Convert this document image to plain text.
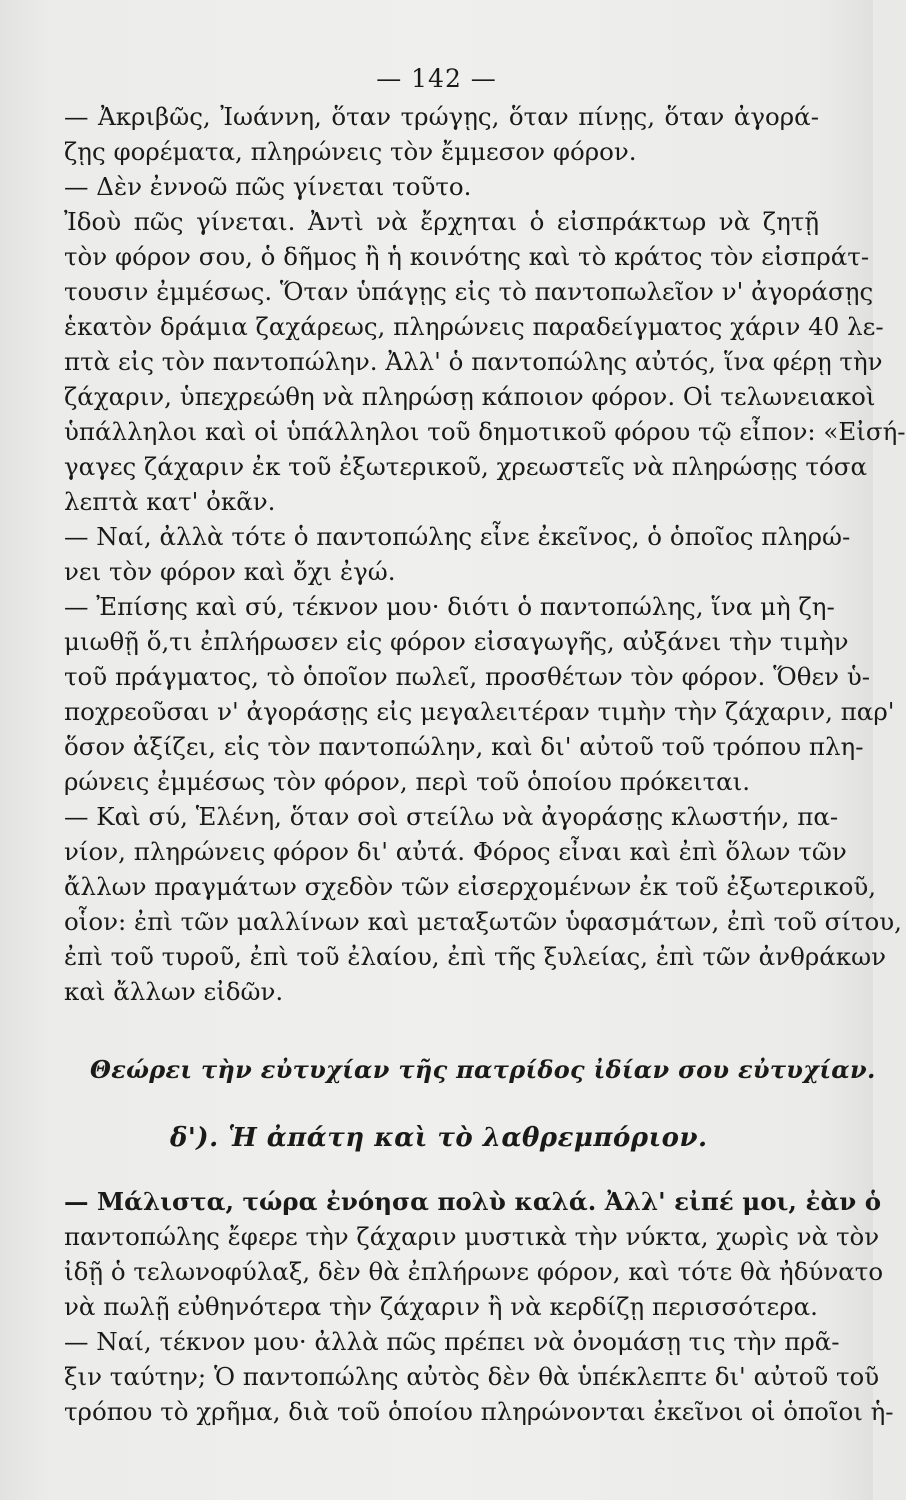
— 142 —
— Ἀκριβῶς, Ἰωάννη, ὅταν τρώγῃς, ὅταν πίνῃς, ὅταν ἀγορά-
ζῃς φορέματα, πληρώνεις τὸν ἔμμεσον φόρον.
— Δὲν ἐννοῶ πῶς γίνεται τοῦτο.
Ἰδοὺ πῶς γίνεται. Ἀντὶ νὰ ἔρχηται ὁ εἰσπράκτωρ νὰ ζητῇ
τὸν φόρον σου, ὁ δῆμος ἢ ἡ κοινότης καὶ τὸ κράτος τὸν εἰσπράτ-
τουσιν ἐμμέσως. Ὅταν ὑπάγῃς εἰς τὸ παντοπωλεῖον ν' ἀγοράσῃς
ἑκατὸν δράμια ζαχάρεως, πληρώνεις παραδείγματος χάριν 40 λε-
πτὰ εἰς τὸν παντοπώλην. Ἀλλ' ὁ παντοπώλης αὐτός, ἵνα φέρῃ τὴν
ζάχαριν, ὑπεχρεώθη νὰ πληρώσῃ κάποιον φόρον. Οἱ τελωνειακοὶ
ὑπάλληλοι καὶ οἱ ὑπάλληλοι τοῦ δημοτικοῦ φόρου τῷ εἶπον: «Εἰσή-
γαγες ζάχαριν ἐκ τοῦ ἐξωτερικοῦ, χρεωστεῖς νὰ πληρώσῃς τόσα
λεπτὰ κατ' ὀκᾶν.
— Ναί, ἀλλὰ τότε ὁ παντοπώλης εἶνε ἐκεῖνος, ὁ ὁποῖος πληρώ-
νει τὸν φόρον καὶ ὄχι ἐγώ.
— Ἐπίσης καὶ σύ, τέκνον μου· διότι ὁ παντοπώλης, ἵνα μὴ ζη-
μιωθῇ ὅ,τι ἐπλήρωσεν εἰς φόρον εἰσαγωγῆς, αὐξάνει τὴν τιμὴν
τοῦ πράγματος, τὸ ὁποῖον πωλεῖ, προσθέτων τὸν φόρον. Ὅθεν ὑ-
ποχρεοῦσαι ν' ἀγοράσῃς εἰς μεγαλειτέραν τιμὴν τὴν ζάχαριν, παρ'
ὅσον ἀξίζει, εἰς τὸν παντοπώλην, καὶ δι' αὐτοῦ τοῦ τρόπου πλη-
ρώνεις ἐμμέσως τὸν φόρον, περὶ τοῦ ὁποίου πρόκειται.
— Καὶ σύ, Ἑλένη, ὅταν σοὶ στείλω νὰ ἀγοράσῃς κλωστήν, πα-
νίον, πληρώνεις φόρον δι' αὐτά. Φόρος εἶναι καὶ ἐπὶ ὅλων τῶν
ἄλλων πραγμάτων σχεδὸν τῶν εἰσερχομένων ἐκ τοῦ ἐξωτερικοῦ,
οἷον: ἐπὶ τῶν μαλλίνων καὶ μεταξωτῶν ὑφασμάτων, ἐπὶ τοῦ σίτου,
ἐπὶ τοῦ τυροῦ, ἐπὶ τοῦ ἐλαίου, ἐπὶ τῆς ξυλείας, ἐπὶ τῶν ἀνθράκων
καὶ ἄλλων εἰδῶν.
Θεώρει τὴν εὐτυχίαν τῆς πατρίδος ἰδίαν σου εὐτυχίαν.
δ'). Ἡ ἀπάτη καὶ τὸ λαθρεμπόριον.
— Μάλιστα, τώρα ἐνόησα πολὺ καλά. Ἀλλ' εἰπέ μοι, ἐὰν ὁ
παντοπώλης ἔφερε τὴν ζάχαριν μυστικὰ τὴν νύκτα, χωρὶς νὰ τὸν
ἰδῇ ὁ τελωνοφύλαξ, δὲν θὰ ἐπλήρωνε φόρον, καὶ τότε θὰ ἠδύνατο
νὰ πωλῇ εὐθηνότερα τὴν ζάχαριν ἢ νὰ κερδίζῃ περισσότερα.
— Ναί, τέκνον μου· ἀλλὰ πῶς πρέπει νὰ ὀνομάσῃ τις τὴν πρᾶ-
ξιν ταύτην; Ὁ παντοπώλης αὐτὸς δὲν θὰ ὑπέκλεπτε δι' αὐτοῦ τοῦ
τρόπου τὸ χρῆμα, διὰ τοῦ ὁποίου πληρώνονται ἐκεῖνοι οἱ ὁποῖοι ἡ-
